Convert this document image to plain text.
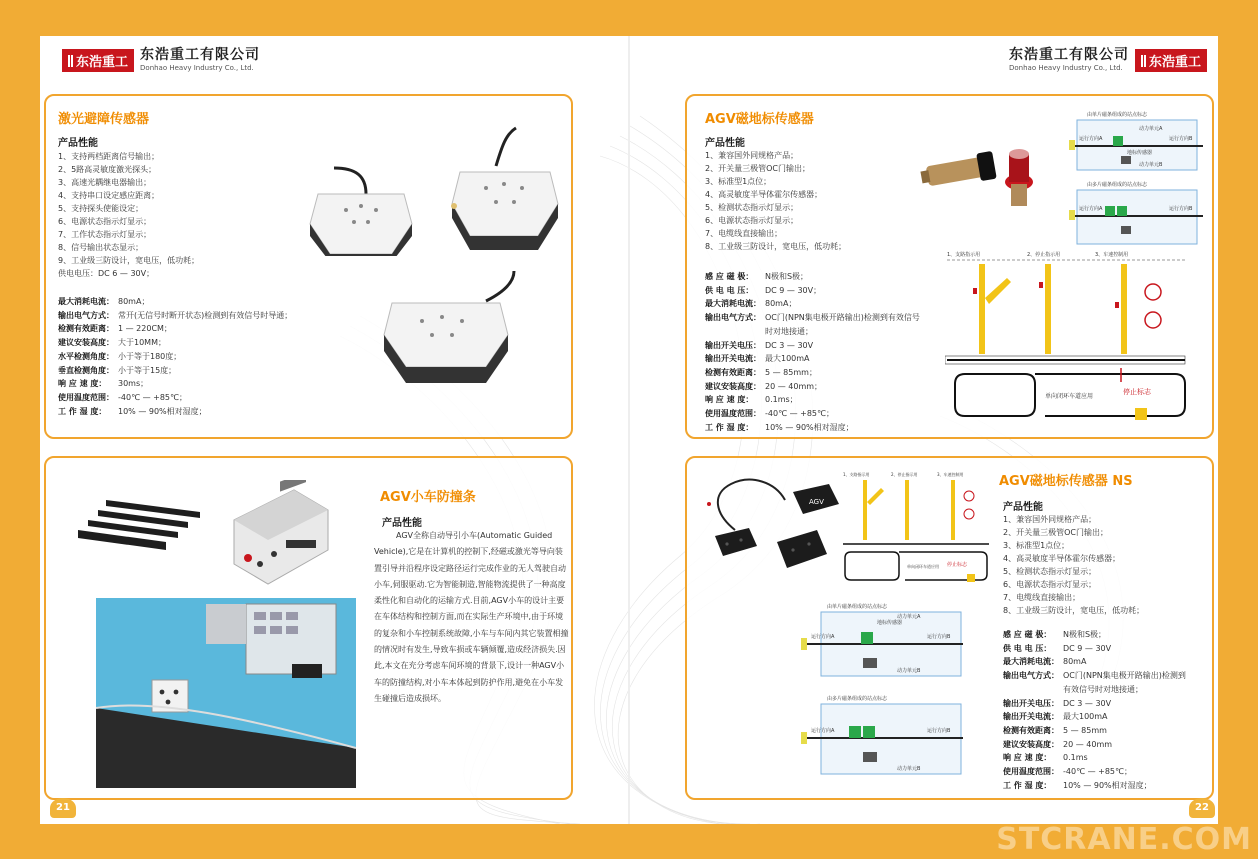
东浩重工 东浩重工有限公司
Donhao Heavy Industry Co., Ltd.
激光避障传感器
产品性能
1、支持两档距离信号输出；
2、5路高灵敏度激光探头；
3、高速光耦继电器输出；
4、支持串口设定感应距离；
5、支持探头使能设定；
6、电源状态指示灯显示；
7、工作状态指示灯显示；
8、信号输出状态显示；
9、工业级三防设计，宽电压，低功耗；
供电电压：DC 6 — 30V；
最大消耗电流： 80mA；
输出电气方式： 常开(无信号时断开状态)检测到有效信号时导通；
检测有效距离： 1 — 220CM；
建议安装高度： 大于10MM；
水平检测角度： 小于等于180度；
垂直检测角度： 小于等于15度；
响 应 速 度：	30ms；
使用温度范围： -40℃ — +85℃；
工 作 湿 度：	10% — 90%相对湿度；
AGV小车防撞条
产品性能
AGV全称自动导引小车(Automatic Guided Vehicle),它是在计算机的控制下,经磁或激光等导向装置引导并沿程序设定路径运行完成作业的无人驾驶自动小车,伺服驱动.它为智能制造,智能物流提供了一种高度柔性化和自动化的运输方式.目前,AGV小车的设计主要在车体结构和控制方面,而在实际生产环境中,由于环境的复杂和小车控制系统故障,小车与车间内其它装置相撞的情况时有发生,导致车损或车辆倾覆,造成经济损失.因此,本文在充分考虑车间环境的背景下,设计一种AGV小车的防撞结构,对小车本体起到防护作用,避免在小车发生碰撞后造成损坏。
21
东浩重工有限公司
Donhao Heavy Industry Co., Ltd.	东浩重工
AGV磁地标传感器
产品性能
1、兼容国外同规格产品；
2、开关量三极管OC门输出；
3、标准型1点位；
4、高灵敏度半导体霍尔传感器；
5、检测状态指示灯显示；
6、电源状态指示灯显示；
7、电缆线直接输出；
8、工业级三防设计，宽电压，低功耗；
感 应 磁 极：	N极和S极；
供 电 电 压：	DC 9 — 30V；
最大消耗电流： 80mA；
输出电气方式： OC门(NPN集电极开路输出)检测到有效信号
时对地接通；
输出开关电压： DC 3 — 30V
输出开关电流： 最大100mA
检测有效距离： 5 — 85mm；
建议安装高度： 20 — 40mm；
响 应 速 度：	0.1ms；
使用温度范围： -40℃ — +85℃；
工 作 湿 度：	10% — 90%相对湿度；
由单片磁条组成的站点标志
运行方向A	运行方向B
地标传感器
动力单元A
动力单元B
由多片磁条组成的站点标志
运行方向A	运行方向B
1、支路指示用	2、停止指示用	3、车速控制用
单向闭环车道应用
停止标志
AGV磁地标传感器 NS
产品性能
1、兼容国外同规格产品；
2、开关量三极管OC门输出；
3、标准型1点位；
4、高灵敏度半导体霍尔传感器；
5、检测状态指示灯显示；
6、电源状态指示灯显示；
7、电缆线直接输出；
8、工业级三防设计，宽电压，低功耗；
感 应 磁 极：	N极和S极；
供 电 电 压：	DC 9 — 30V
最大消耗电流： 80mA
输出电气方式： OC门(NPN集电极开路输出)检测到
有效信号时对地接通；
输出开关电压： DC 3 — 30V
输出开关电流： 最大100mA
检测有效距离： 5 — 85mm
建议安装高度： 20 — 40mm
响 应 速 度：	0.1ms
使用温度范围： -40℃ — +85℃；
工 作 湿 度：	10% — 90%相对湿度；
AGV
1、支路指示用	2、停止指示用	3、车速控制用
单向闭环车道应用 停止标志
由单片磁条组成的站点标志
运行方向A	运行方向B
地标传感器
动力单元A
动力单元B
由多片磁条组成的站点标志
运行方向A	运行方向B
动力单元B
22
STCRANE.COM
